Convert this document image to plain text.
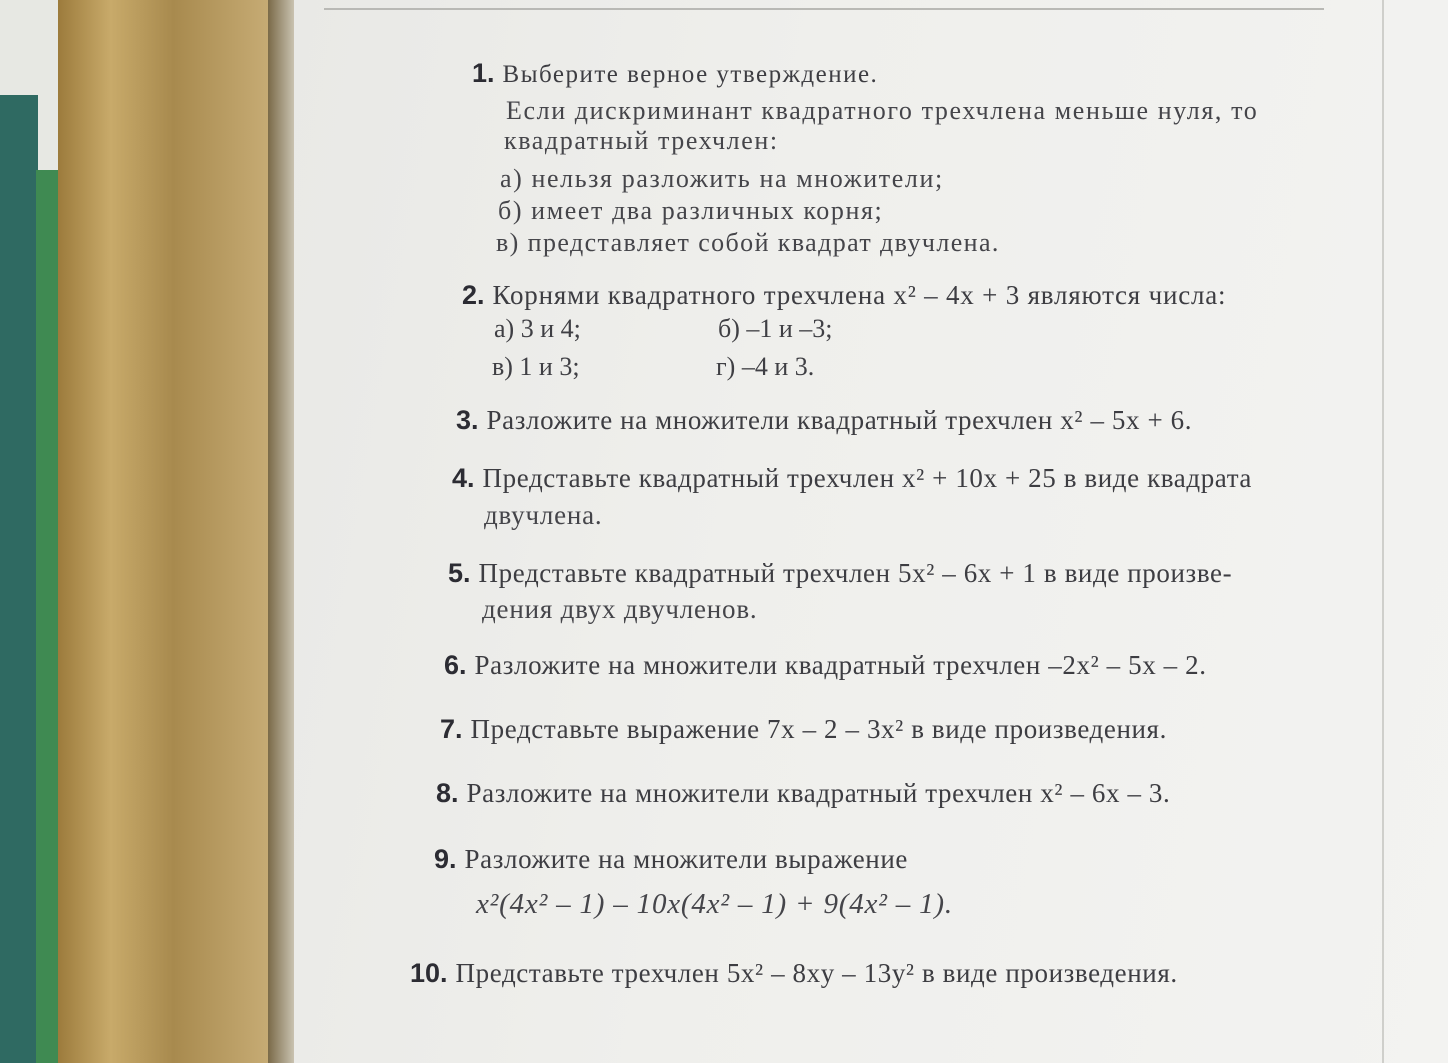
1. Выберите верное утверждение.
Если дискриминант квадратного трехчлена меньше нуля, то
квадратный трехчлен:
а) нельзя разложить на множители;
б) имеет два различных корня;
в) представляет собой квадрат двучлена.
2. Корнями квадратного трехчлена x² – 4x + 3 являются числа:
а) 3 и 4;	б) –1 и –3;
в) 1 и 3;	г) –4 и 3.
3. Разложите на множители квадратный трехчлен x² – 5x + 6.
4. Представьте квадратный трехчлен x² + 10x + 25 в виде квадрата
двучлена.
5. Представьте квадратный трехчлен 5x² – 6x + 1 в виде произве-
дения двух двучленов.
6. Разложите на множители квадратный трехчлен –2x² – 5x – 2.
7. Представьте выражение 7x – 2 – 3x² в виде произведения.
8. Разложите на множители квадратный трехчлен x² – 6x – 3.
9. Разложите на множители выражение
x²(4x² – 1) – 10x(4x² – 1) + 9(4x² – 1).
10. Представьте трехчлен 5x² – 8xy – 13y² в виде произведения.
